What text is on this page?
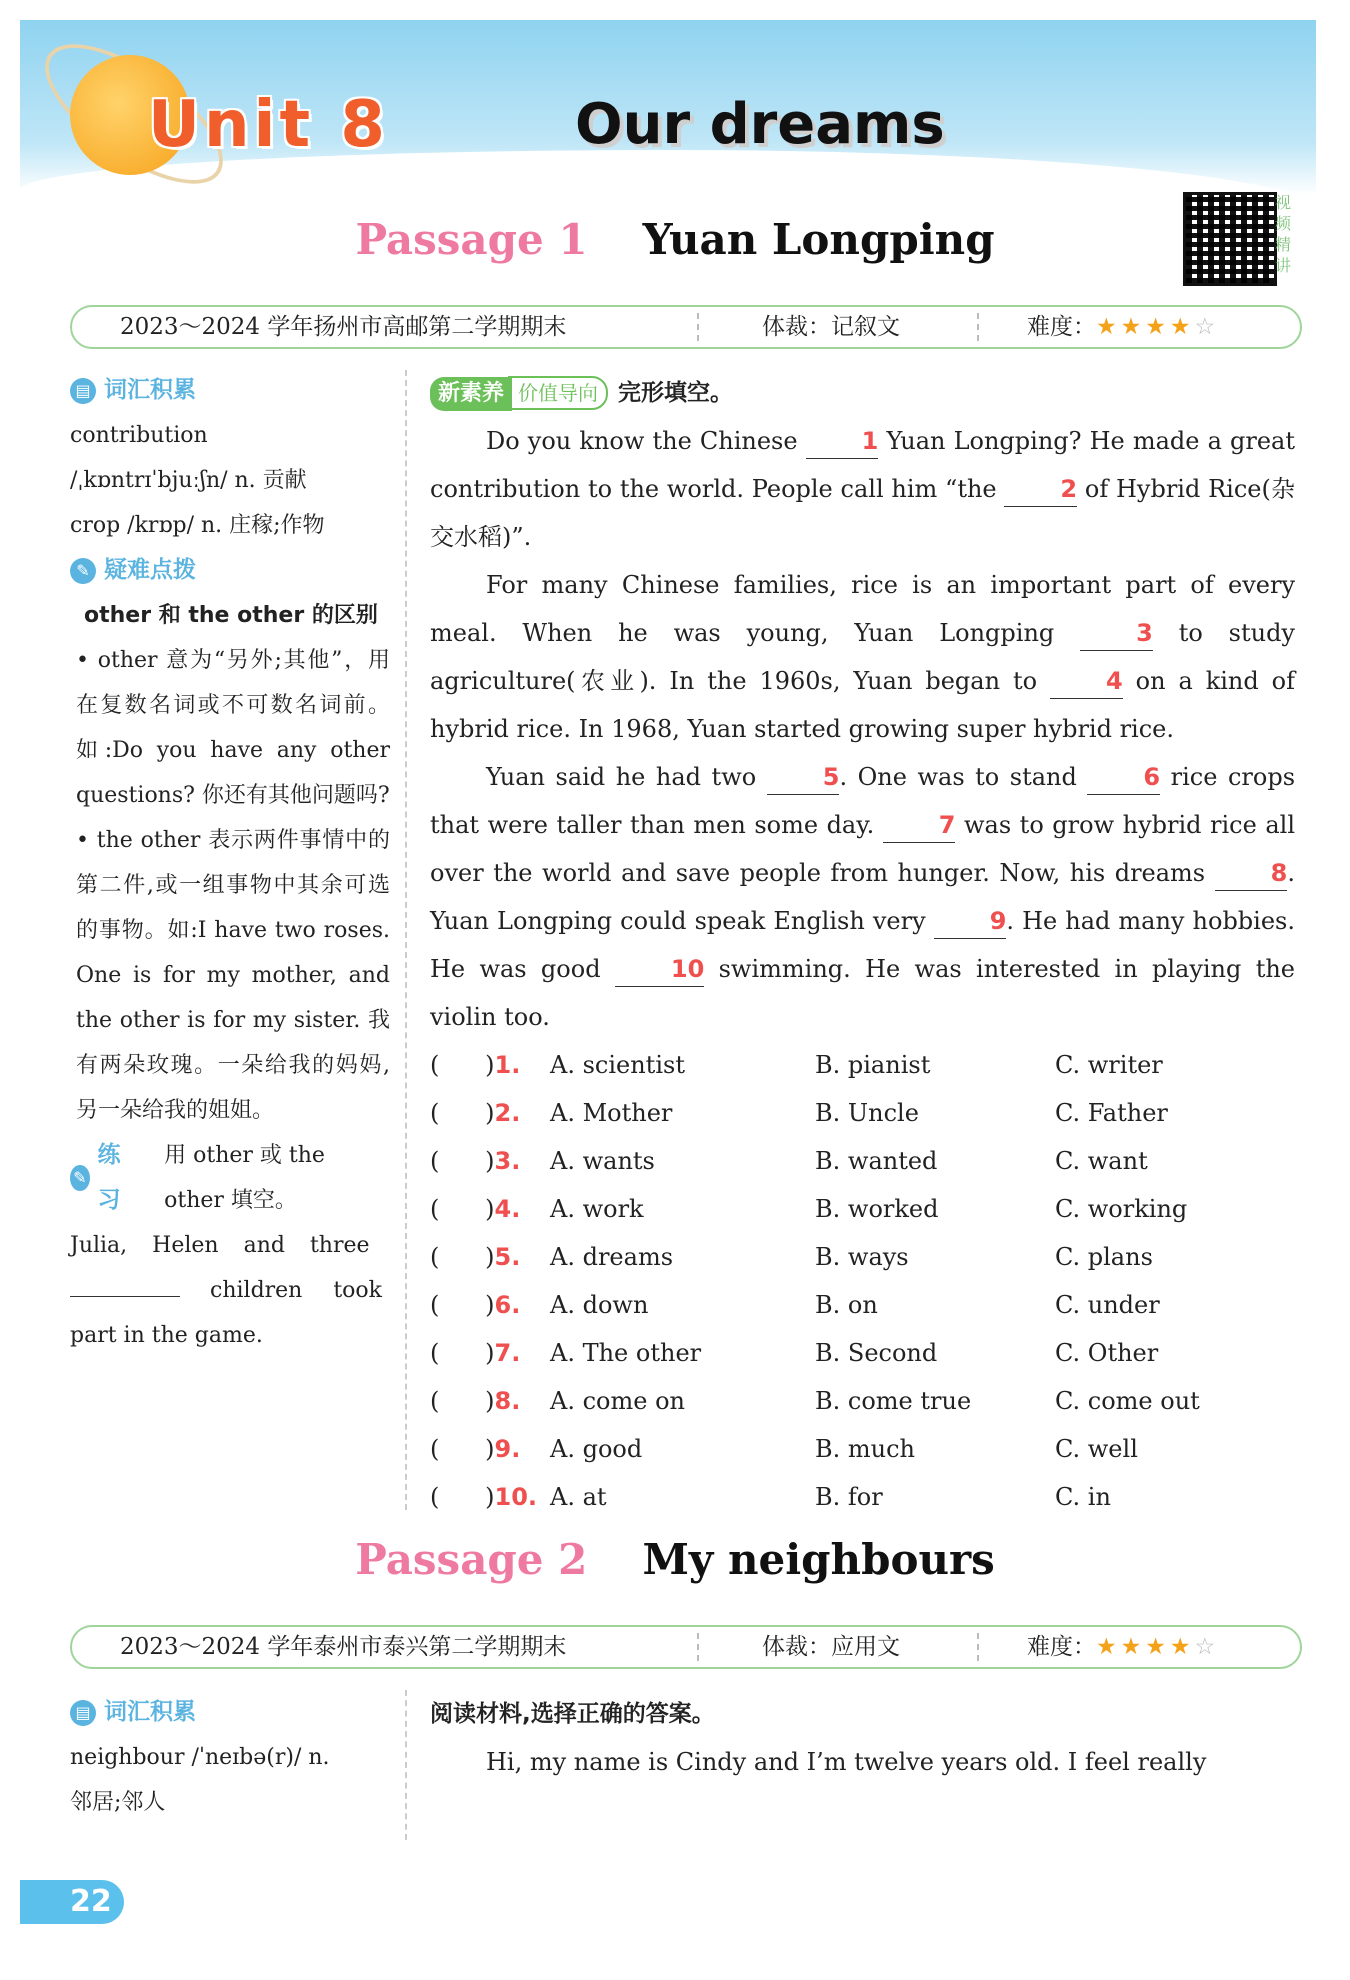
Unit 8	Our dreams
视频精讲
Passage 1 Yuan Longping
2023～2024 学年扬州市高邮第二学期期末	体裁：记叙文	难度：★★★★ ☆
▤ 词汇积累
contribution
/ˌkɒntrɪˈbjuːʃn/ n. 贡献
crop /krɒp/ n. 庄稼;作物
✎ 疑难点拨
other 和 the other 的区别
• other 意为“另外;其他”，用在复数名词或不可数名词前。如:Do you have any other questions? 你还有其他问题吗?
• the other 表示两件事情中的第二件,或一组事物中其余可选的事物。如:I have two roses. One is for my mother, and the other is for my sister. 我有两朵玫瑰。一朵给我的妈妈,另一朵给我的姐姐。
✎
练习
用 other 或 the other 填空。
Julia, Helen and three
children took
part in the game.
新素养 价值导向 完形填空。
Do you know the Chinese 1 Yuan Longping? He made a great contribution to the world. People call him “the 2 of Hybrid Rice(杂交水稻)”.
For many Chinese families, rice is an important part of every meal. When he was young, Yuan Longping 3 to study agriculture(农业). In the 1960s, Yuan began to 4 on a kind of hybrid rice. In 1968, Yuan started growing super hybrid rice.
Yuan said he had two 5. One was to stand 6 rice crops that were taller than men some day. 7 was to grow hybrid rice all over the world and save people from hunger. Now, his dreams 8. Yuan Longping could speak English very 9. He had many hobbies. He was good 10 swimming. He was interested in playing the violin too.
(      )1.	A. scientist	B. pianist	C. writer
(      )2.	A. Mother	B. Uncle	C. Father
(      )3.	A. wants	B. wanted	C. want
(      )4.	A. work	B. worked	C. working
(      )5.	A. dreams	B. ways	C. plans
(      )6.	A. down	B. on	C. under
(      )7.	A. The other	B. Second	C. Other
(      )8.	A. come on	B. come true	C. come out
(      )9.	A. good	B. much	C. well
(      )10. A. at	B. for	C. in
Passage 2 My neighbours
2023～2024 学年泰州市泰兴第二学期期末	体裁：应用文	难度：★★★★ ☆
▤ 词汇积累
neighbour /ˈneɪbə(r)/ n.
邻居;邻人
阅读材料,选择正确的答案。
Hi, my name is Cindy and I’m twelve years old. I feel really
22
